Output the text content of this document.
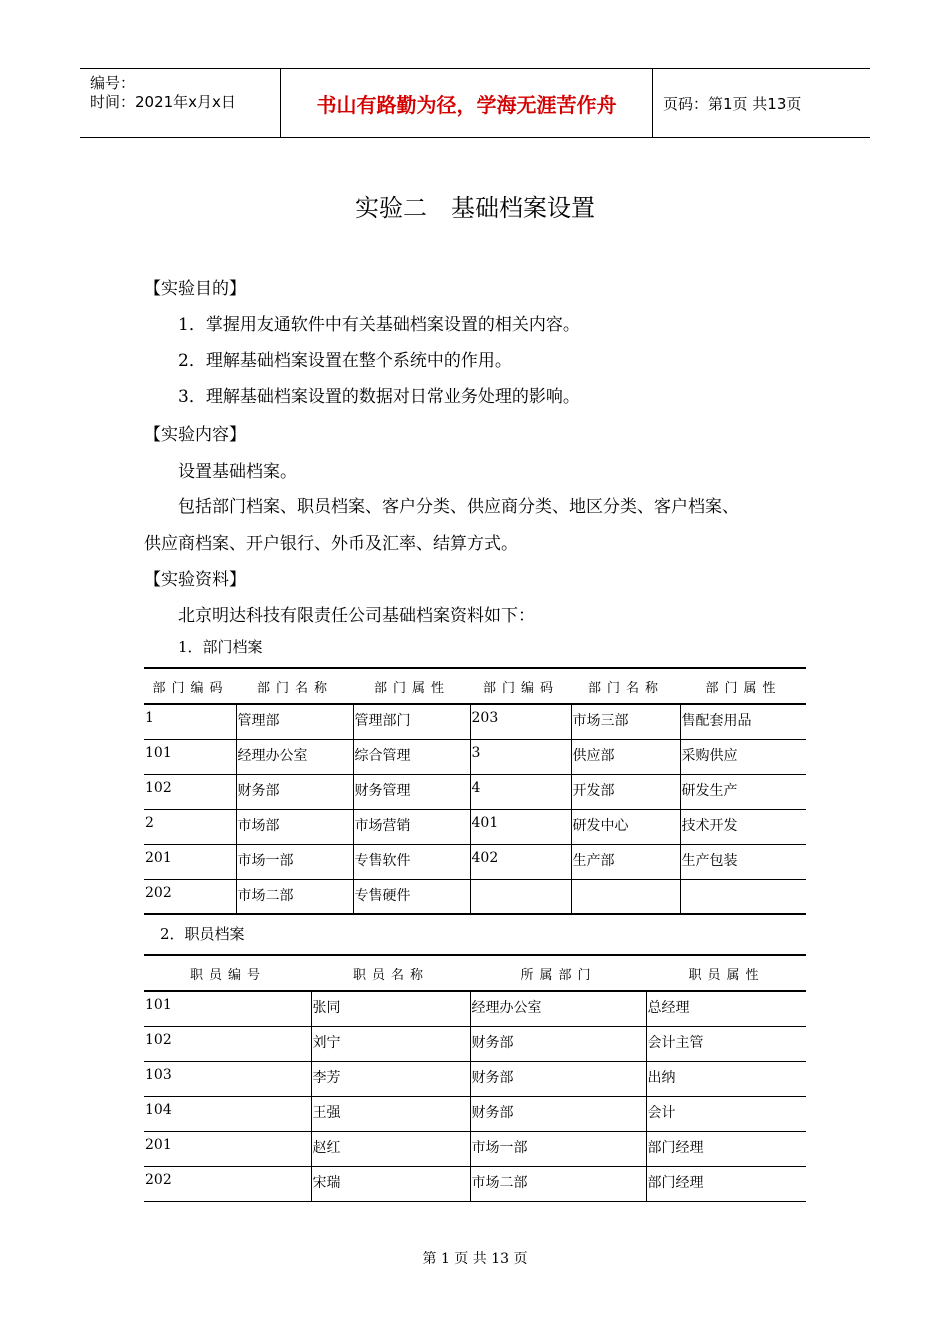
编号：
时间：2021年x月x日	书山有路勤为径，学海无涯苦作舟	页码：第1页 共13页
实验二　基础档案设置
【实验目的】
1．掌握用友通软件中有关基础档案设置的相关内容。
2．理解基础档案设置在整个系统中的作用。
3．理解基础档案设置的数据对日常业务处理的影响。
【实验内容】
设置基础档案。
包括部门档案、职员档案、客户分类、供应商分类、地区分类、客户档案、
供应商档案、开户银行、外币及汇率、结算方式。
【实验资料】
北京明达科技有限责任公司基础档案资料如下：
1．部门档案
部门编码	部门名称	部门属性	部门编码	部门名称	部门属性
1	管理部	管理部门	203	市场三部	售配套用品
101	经理办公室	综合管理	3	供应部	采购供应
102	财务部	财务管理	4	开发部	研发生产
2	市场部	市场营销	401	研发中心	技术开发
201	市场一部	专售软件	402	生产部	生产包装
202	市场二部	专售硬件			
2．职员档案
职员编号	职员名称	所属部门	职员属性
101	张同	经理办公室	总经理
102	刘宁	财务部	会计主管
103	李芳	财务部	出纳
104	王强	财务部	会计
201	赵红	市场一部	部门经理
202	宋瑞	市场二部	部门经理
第 1 页 共 13 页
